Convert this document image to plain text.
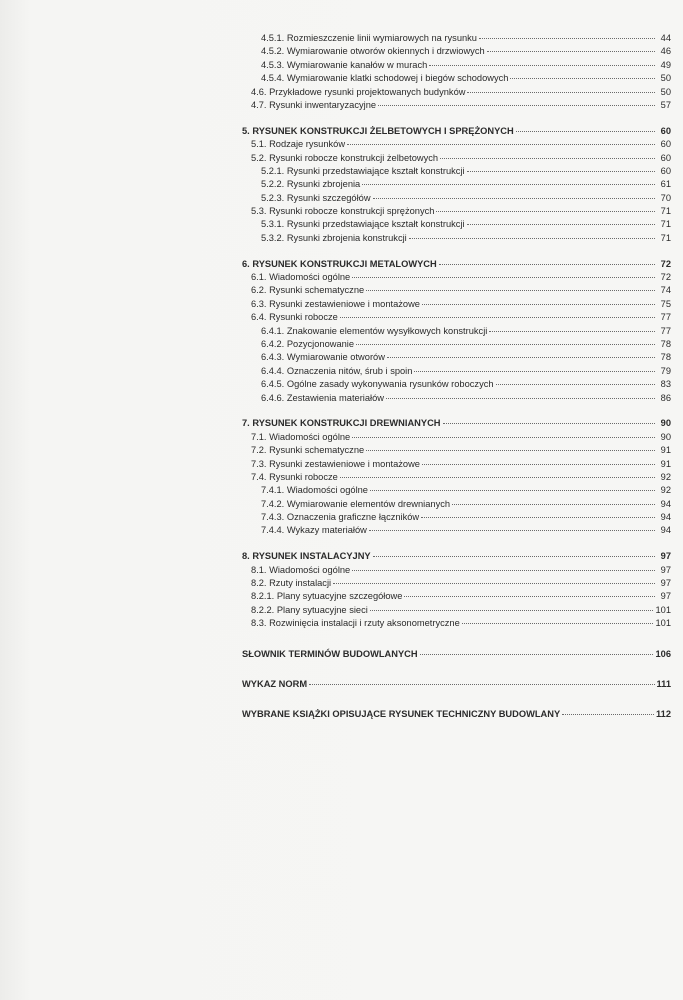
4.5.1. Rozmieszczenie linii wymiarowych na rysunku	44
4.5.2. Wymiarowanie otworów okiennych i drzwiowych	46
4.5.3. Wymiarowanie kanałów w murach	49
4.5.4. Wymiarowanie klatki schodowej i biegów schodowych	50
4.6. Przykładowe rysunki projektowanych budynków	50
4.7. Rysunki inwentaryzacyjne	57
5. RYSUNEK KONSTRUKCJI ŻELBETOWYCH I SPRĘŻONYCH	60
5.1. Rodzaje rysunków	60
5.2. Rysunki robocze konstrukcji żelbetowych	60
5.2.1. Rysunki przedstawiające kształt konstrukcji	60
5.2.2. Rysunki zbrojenia	61
5.2.3. Rysunki szczegółów	70
5.3. Rysunki robocze konstrukcji sprężonych	71
5.3.1. Rysunki przedstawiające kształt konstrukcji	71
5.3.2. Rysunki zbrojenia konstrukcji	71
6. RYSUNEK KONSTRUKCJI METALOWYCH	72
6.1. Wiadomości ogólne	72
6.2. Rysunki schematyczne	74
6.3. Rysunki zestawieniowe i montażowe	75
6.4. Rysunki robocze	77
6.4.1. Znakowanie elementów wysyłkowych konstrukcji	77
6.4.2. Pozycjonowanie	78
6.4.3. Wymiarowanie otworów	78
6.4.4. Oznaczenia nitów, śrub i spoin	79
6.4.5. Ogólne zasady wykonywania rysunków roboczych	83
6.4.6. Zestawienia materiałów	86
7. RYSUNEK KONSTRUKCJI DREWNIANYCH	90
7.1. Wiadomości ogólne	90
7.2. Rysunki schematyczne	91
7.3. Rysunki zestawieniowe i montażowe	91
7.4. Rysunki robocze	92
7.4.1. Wiadomości ogólne	92
7.4.2. Wymiarowanie elementów drewnianych	94
7.4.3. Oznaczenia graficzne łączników	94
7.4.4. Wykazy materiałów	94
8. RYSUNEK INSTALACYJNY	97
8.1. Wiadomości ogólne	97
8.2. Rzuty instalacji	97
8.2.1. Plany sytuacyjne szczegółowe	97
8.2.2. Plany sytuacyjne sieci	101
8.3. Rozwinięcia instalacji i rzuty aksonometryczne	101
SŁOWNIK TERMINÓW BUDOWLANYCH	106
WYKAZ NORM	111
WYBRANE KSIĄŻKI OPISUJĄCE RYSUNEK TECHNICZNY BUDOWLANY	112
